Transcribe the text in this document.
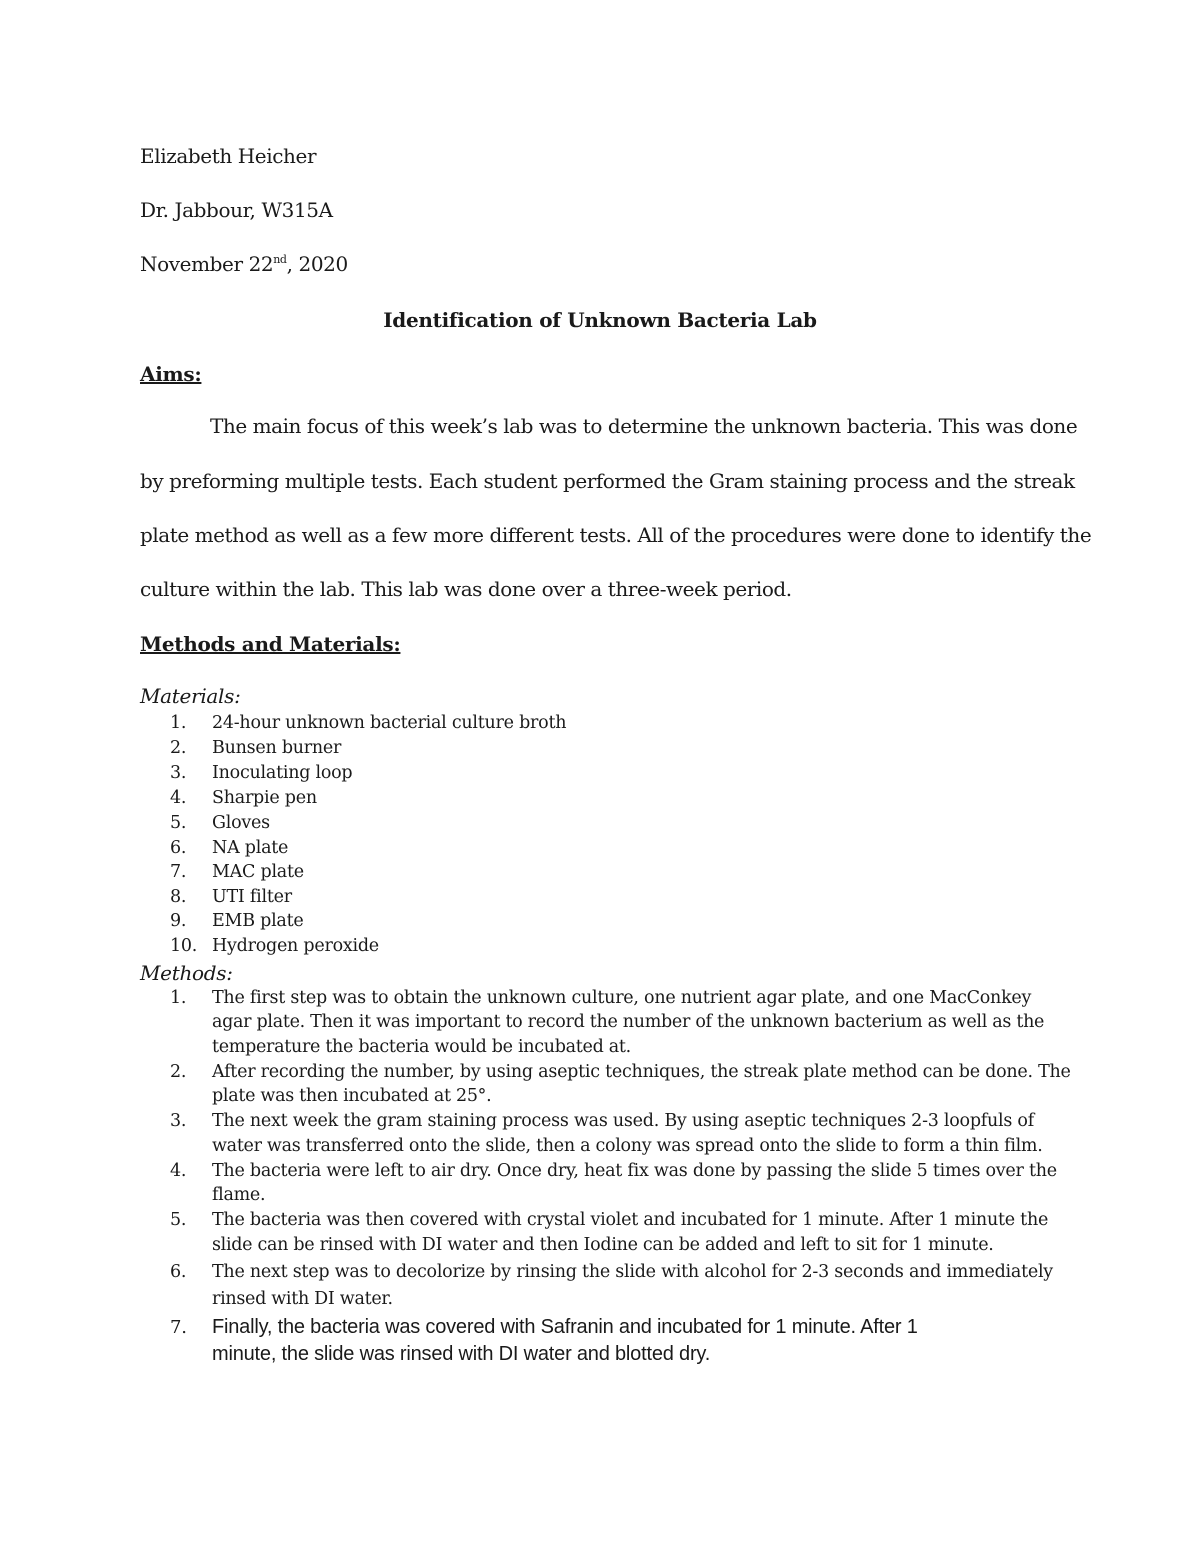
Elizabeth Heicher
Dr. Jabbour, W315A
November 22nd, 2020
Identification of Unknown Bacteria Lab
Aims:
The main focus of this week’s lab was to determine the unknown bacteria. This was done
by preforming multiple tests. Each student performed the Gram staining process and the streak
plate method as well as a few more different tests. All of the procedures were done to identify the
culture within the lab. This lab was done over a three-week period.
Methods and Materials:
Materials:
1. 24-hour unknown bacterial culture broth
2. Bunsen burner
3. Inoculating loop
4. Sharpie pen
5. Gloves
6. NA plate
7. MAC plate
8. UTI filter
9. EMB plate
10. Hydrogen peroxide
Methods:
1. The first step was to obtain the unknown culture, one nutrient agar plate, and one MacConkey
agar plate. Then it was important to record the number of the unknown bacterium as well as the
temperature the bacteria would be incubated at.
2. After recording the number, by using aseptic techniques, the streak plate method can be done. The
plate was then incubated at 25°.
3. The next week the gram staining process was used. By using aseptic techniques 2-3 loopfuls of
water was transferred onto the slide, then a colony was spread onto the slide to form a thin film.
4. The bacteria were left to air dry. Once dry, heat fix was done by passing the slide 5 times over the
flame.
5. The bacteria was then covered with crystal violet and incubated for 1 minute. After 1 minute the
slide can be rinsed with DI water and then Iodine can be added and left to sit for 1 minute.
6. The next step was to decolorize by rinsing the slide with alcohol for 2-3 seconds and immediately
rinsed with DI water.
7. Finally, the bacteria was covered with Safranin and incubated for 1 minute. After 1
minute, the slide was rinsed with DI water and blotted dry.
